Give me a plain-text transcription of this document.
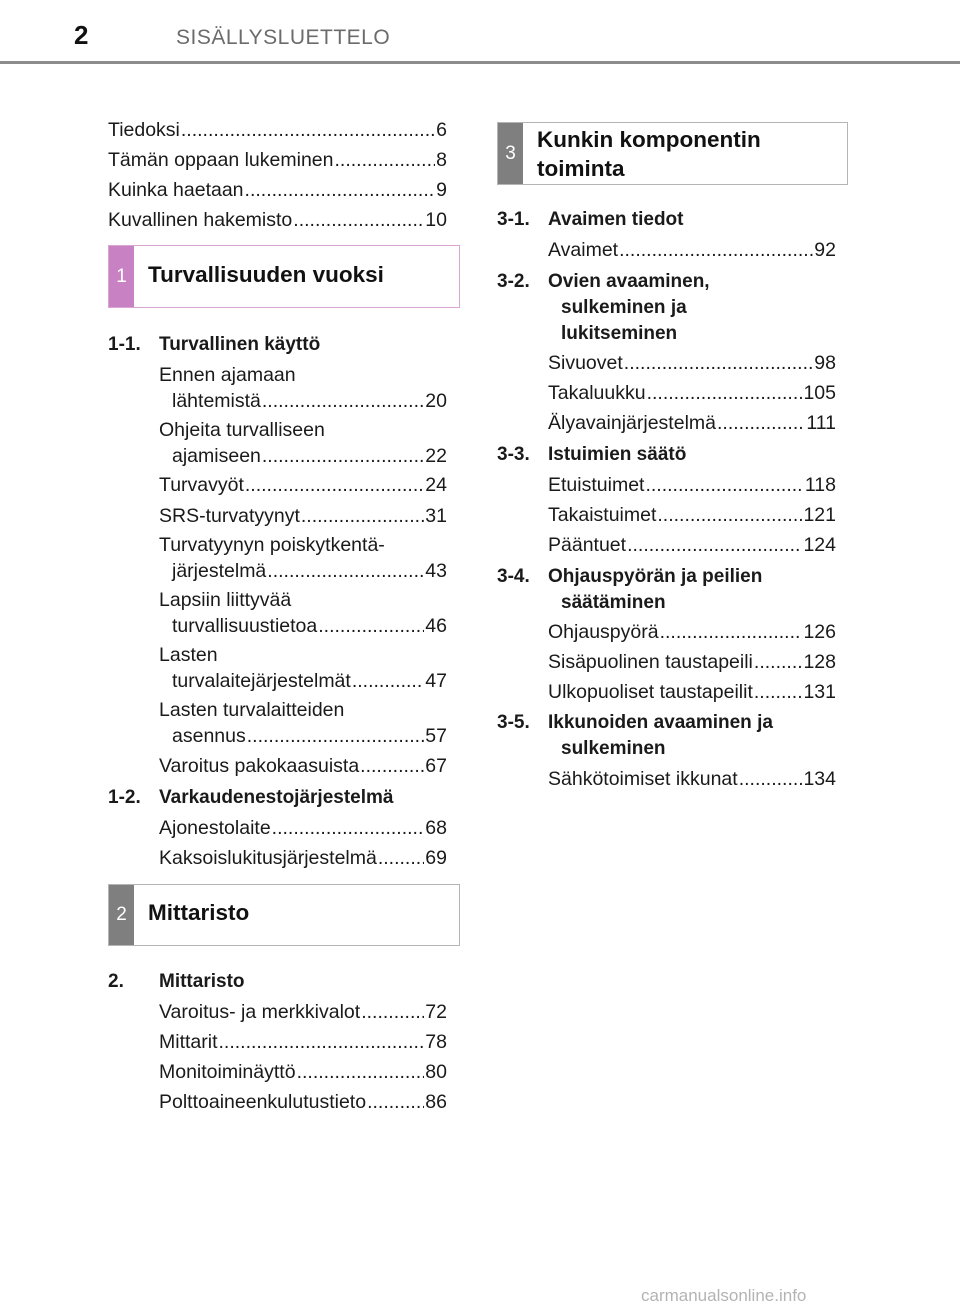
2	SISÄLLYSLUETTELO
Tiedoksi .....	6
Tämän oppaan lukeminen .....	8
Kuinka haetaan .....	9
Kuvallinen hakemisto .....	10
1 Turvallisuuden vuoksi
1-1. Turvallinen käyttö
Ennen ajamaan
lähtemistä .....	20
Ohjeita turvalliseen
ajamiseen .....	22
Turvavyöt .....	24
SRS-turvatyynyt .....	31
Turvatyynyn poiskytkentä-
järjestelmä .....	43
Lapsiin liittyvää
turvallisuustietoa .....	46
Lasten
turvalaitejärjestelmät .....	47
Lasten turvalaitteiden
asennus .....	57
Varoitus pakokaasuista .....	67
1-2. Varkaudenestojärjestelmä
Ajonestolaite .....	68
Kaksoislukitusjärjestelmä ..... 69
2 Mittaristo
2. Mittaristo
Varoitus- ja merkkivalot .....	72
Mittarit .....	78
Monitoiminäyttö .....	80
Polttoaineenkulutustieto .....	86
3
Kunkin komponentin
toiminta
3-1. Avaimen tiedot
Avaimet .....	92
3-2. Ovien avaaminen,
sulkeminen ja
lukitseminen
Sivuovet .....	98
Takaluukku .....	105
Älyavainjärjestelmä .....	111
3-3. Istuimien säätö
Etuistuimet .....	118
Takaistuimet .....	121
Pääntuet .....	124
3-4. Ohjauspyörän ja peilien
säätäminen
Ohjauspyörä .....	126
Sisäpuolinen taustapeili .....	128
Ulkopuoliset taustapeilit .....	131
3-5. Ikkunoiden avaaminen ja
sulkeminen
Sähkötoimiset ikkunat .....	134
carmanualsonline.info
